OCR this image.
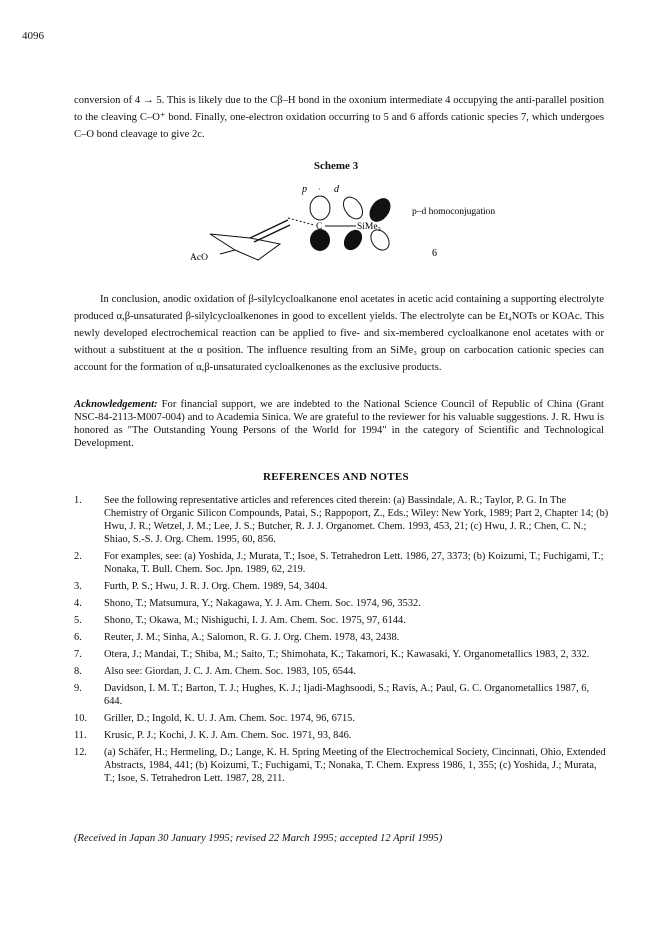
4096

conversion of 4 → 5. This is likely due to the Cβ–H bond in the oxonium intermediate 4 occupying the anti-parallel position to the cleaving C–O⁺ bond. Finally, one-electron oxidation occurring to 5 and 6 affords cationic species 7, which undergoes C–O bond cleavage to give 2c.

Scheme 3
p · d
p–d homoconjugation
C	SiMe₃
AcO	6

In conclusion, anodic oxidation of β-silylcycloalkanone enol acetates in acetic acid containing a supporting electrolyte produced α,β-unsaturated β-silylcycloalkenones in good to excellent yields. The electrolyte can be Et₄NOTs or KOAc. This newly developed electrochemical reaction can be applied to five- and six-membered cycloalkanone enol acetates with or without a substituent at the α position. The influence resulting from an SiMe₃ group on carbocation cationic species can account for the formation of α,β-unsaturated cycloalkenones as the exclusive products.

Acknowledgement: For financial support, we are indebted to the National Science Council of Republic of China (Grant NSC-84-2113-M007-004) and to Academia Sinica. We are grateful to the reviewer for his valuable suggestions. J. R. Hwu is honored as "The Outstanding Young Persons of the World for 1994" in the category of Scientific and Technological Development.

REFERENCES AND NOTES
1.	See the following representative articles and references cited therein: (a) Bassindale, A. R.; Taylor, P. G. In The Chemistry of Organic Silicon Compounds, Patai, S.; Rappoport, Z., Eds.; Wiley: New York, 1989; Part 2, Chapter 14; (b) Hwu, J. R.; Wetzel, J. M.; Lee, J. S.; Butcher, R. J. J. Organomet. Chem. 1993, 453, 21; (c) Hwu, J. R.; Chen, C. N.; Shiao, S.-S. J. Org. Chem. 1995, 60, 856.
2.	For examples, see: (a) Yoshida, J.; Murata, T.; Isoe, S. Tetrahedron Lett. 1986, 27, 3373; (b) Koizumi, T.; Fuchigami, T.; Nonaka, T. Bull. Chem. Soc. Jpn. 1989, 62, 219.
3.	Furth, P. S.; Hwu, J. R. J. Org. Chem. 1989, 54, 3404.
4.	Shono, T.; Matsumura, Y.; Nakagawa, Y. J. Am. Chem. Soc. 1974, 96, 3532.
5.	Shono, T.; Okawa, M.; Nishiguchi, I. J. Am. Chem. Soc. 1975, 97, 6144.
6.	Reuter, J. M.; Sinha, A.; Salomon, R. G. J. Org. Chem. 1978, 43, 2438.
7.	Otera, J.; Mandai, T.; Shiba, M.; Saito, T.; Shimohata, K.; Takamori, K.; Kawasaki, Y. Organometallics 1983, 2, 332.
8.	Also see: Giordan, J. C. J. Am. Chem. Soc. 1983, 105, 6544.
9.	Davidson, I. M. T.; Barton, T. J.; Hughes, K. J.; Ijadi-Maghsoodi, S.; Ravis, A.; Paul, G. C. Organometallics 1987, 6, 644.
10.	Griller, D.; Ingold, K. U. J. Am. Chem. Soc. 1974, 96, 6715.
11.	Krusic, P. J.; Kochi, J. K. J. Am. Chem. Soc. 1971, 93, 846.
12.	(a) Schäfer, H.; Hermeling, D.; Lange, K. H. Spring Meeting of the Electrochemical Society, Cincinnati, Ohio, Extended Abstracts, 1984, 441; (b) Koizumi, T.; Fuchigami, T.; Nonaka, T. Chem. Express 1986, 1, 355; (c) Yoshida, J.; Murata, T.; Isoe, S. Tetrahedron Lett. 1987, 28, 211.
(Received in Japan 30 January 1995; revised 22 March 1995; accepted 12 April 1995)
